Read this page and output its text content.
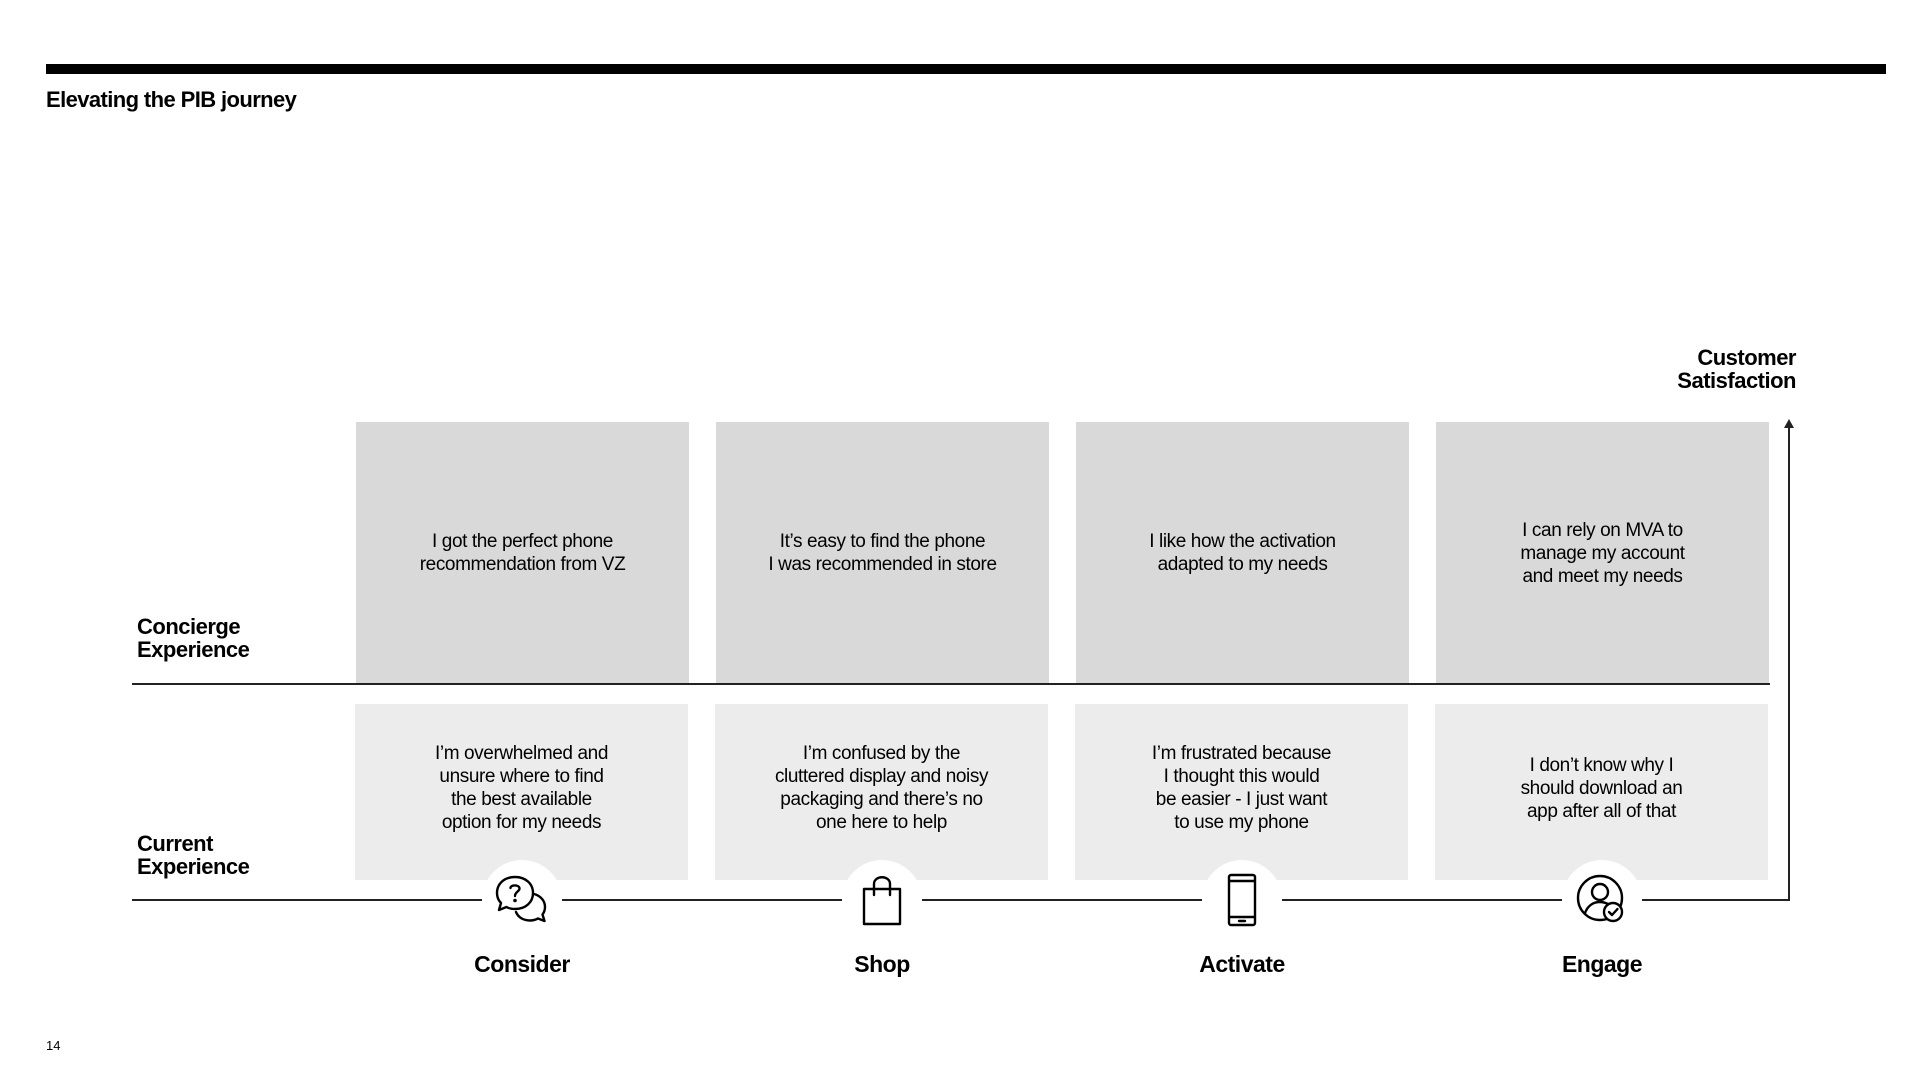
Elevating the PIB journey
Customer
Satisfaction
Concierge
Experience
Current
Experience
I got the perfect phone
recommendation from VZ
It’s easy to find the phone
I was recommended in store
I like how the activation
adapted to my needs
I can rely on MVA to
manage my account
and meet my needs
I’m overwhelmed and
unsure where to find
the best available
option for my needs
I’m confused by the
cluttered display and noisy
packaging and there’s no
one here to help
I’m frustrated because
I thought this would
be easier - I just want
to use my phone
I don’t know why I
should download an
app after all of that
Consider	Shop	Activate	Engage
14
